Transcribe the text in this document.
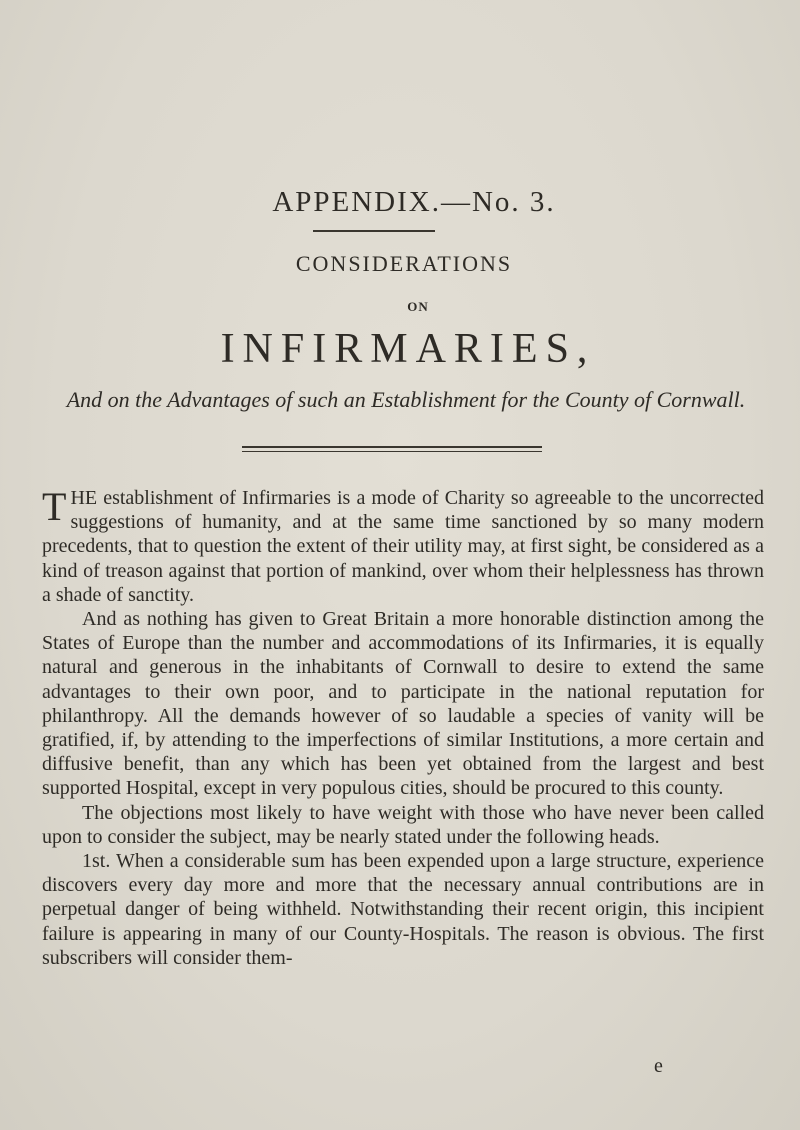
APPENDIX.—No. 3.
CONSIDERATIONS
ON
INFIRMARIES,
And on the Advantages of such an Establishment for the County of Cornwall.

THE establishment of Infirmaries is a mode of Charity so agreeable to the uncorrected suggestions of humanity, and at the same time sanctioned by so many modern precedents, that to question the extent of their utility may, at first sight, be considered as a kind of treason against that portion of mankind, over whom their helplessness has thrown a shade of sanctity.

And as nothing has given to Great Britain a more honorable distinction among the States of Europe than the number and accommodations of its Infirmaries, it is equally natural and generous in the inhabitants of Cornwall to desire to extend the same advantages to their own poor, and to participate in the national reputation for philanthropy. All the demands however of so laudable a species of vanity will be gratified, if, by attending to the imperfections of similar Institutions, a more certain and diffusive benefit, than any which has been yet obtained from the largest and best supported Hospital, except in very populous cities, should be procured to this county.

The objections most likely to have weight with those who have never been called upon to consider the subject, may be nearly stated under the following heads.

1st. When a considerable sum has been expended upon a large structure, experience discovers every day more and more that the necessary annual contributions are in perpetual danger of being withheld. Notwithstanding their recent origin, this incipient failure is appearing in many of our County-Hospitals. The reason is obvious. The first subscribers will consider them-

e
